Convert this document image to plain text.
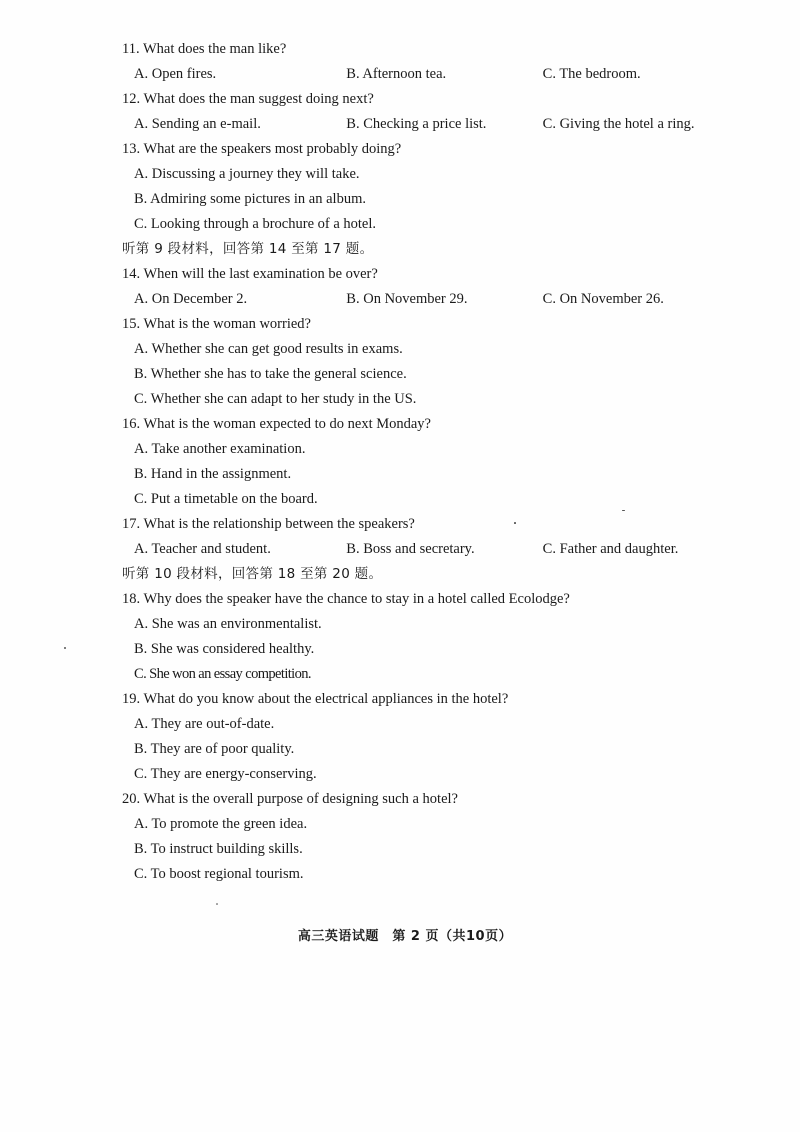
11. What does the man like?
A. Open fires.	B. Afternoon tea.	C. The bedroom.
12. What does the man suggest doing next?
A. Sending an e-mail.	B. Checking a price list.	C. Giving the hotel a ring.
13. What are the speakers most probably doing?
A. Discussing a journey they will take.
B. Admiring some pictures in an album.
C. Looking through a brochure of a hotel.
听第 9 段材料，回答第 14 至第 17 题。
14. When will the last examination be over?
A. On December 2.	B. On November 29.	C. On November 26.
15. What is the woman worried?
A. Whether she can get good results in exams.
B. Whether she has to take the general science.
C. Whether she can adapt to her study in the US.
16. What is the woman expected to do next Monday?
A. Take another examination.
B. Hand in the assignment.
C. Put a timetable on the board.
17. What is the relationship between the speakers?
A. Teacher and student.	B. Boss and secretary.	C. Father and daughter.
听第 10 段材料，回答第 18 至第 20 题。
18. Why does the speaker have the chance to stay in a hotel called Ecolodge?
A. She was an environmentalist.
B. She was considered healthy.
C. She won an essay competition.
19. What do you know about the electrical appliances in the hotel?
A. They are out-of-date.
B. They are of poor quality.
C. They are energy-conserving.
20. What is the overall purpose of designing such a hotel?
A. To promote the green idea.
B. To instruct building skills.
C. To boost regional tourism.
高三英语试题　第 2 页（共10页）
